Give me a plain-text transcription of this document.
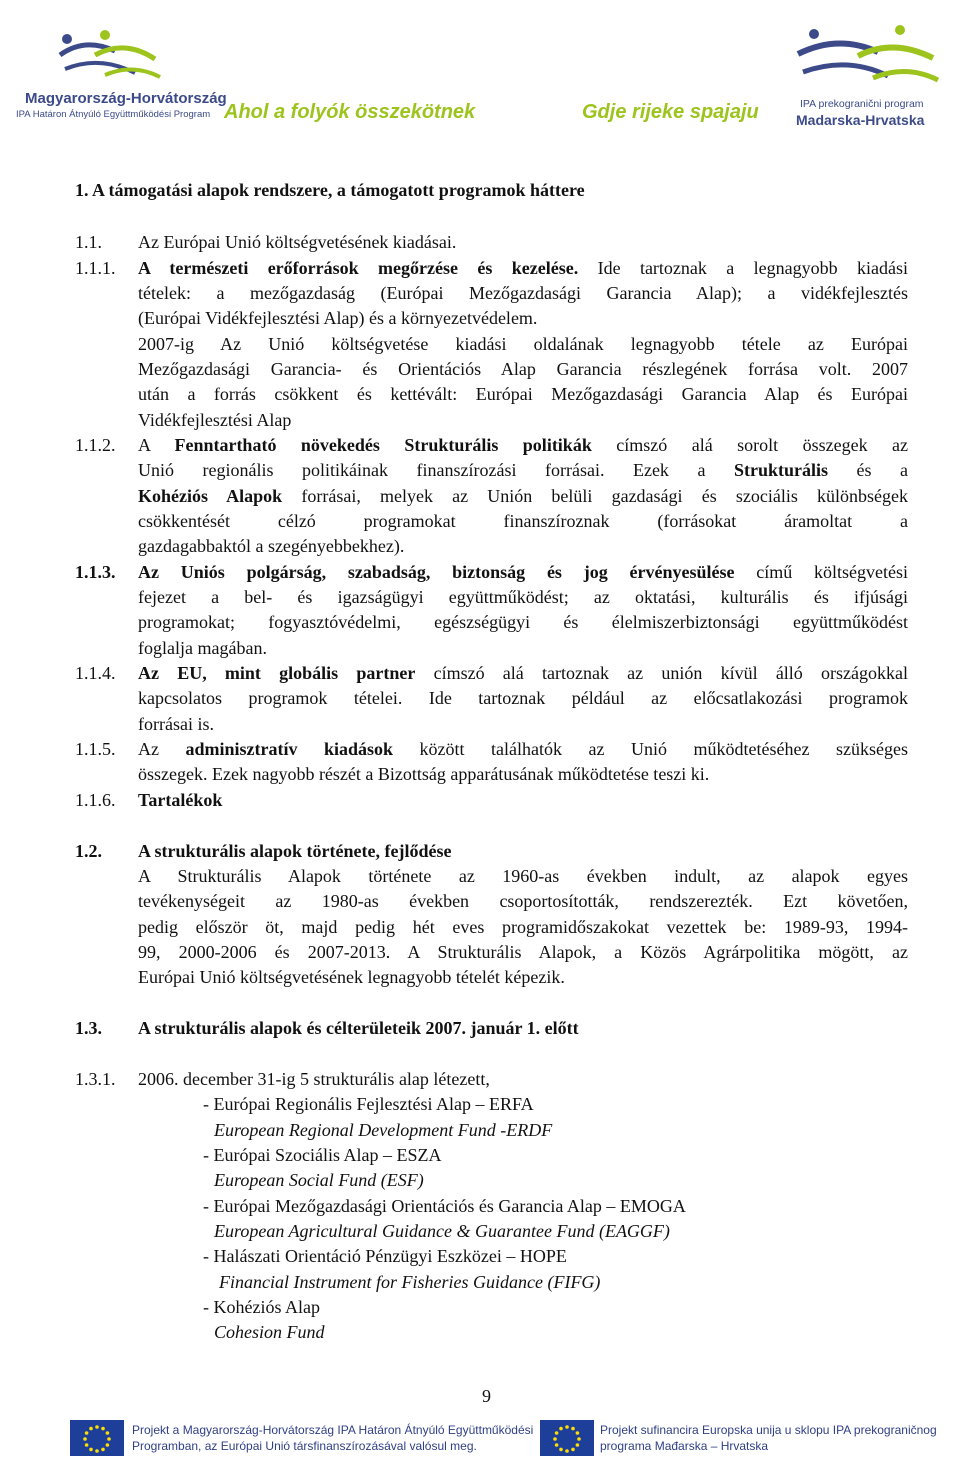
Magyarország-Horvátország
IPA Határon Átnyúló Együttműködési Program Ahol a folyók összekötnek	Gdje rijeke spajaju	IPA prekogranični program
Madarska-Hrvatska
1. A támogatási alapok rendszere, a támogatott programok háttere
1.1. Az Európai Unió költségvetésének kiadásai.
1.1.1. A természeti erőforrások megőrzése és kezelése. Ide tartoznak a legnagyobb kiadási
tételek: a mezőgazdaság (Európai Mezőgazdasági Garancia Alap); a vidékfejlesztés
(Európai Vidékfejlesztési Alap) és a környezetvédelem.
2007-ig Az Unió költségvetése kiadási oldalának legnagyobb tétele az Európai
Mezőgazdasági Garancia- és Orientációs Alap Garancia részlegének forrása volt. 2007
után a forrás csökkent és kettévált: Európai Mezőgazdasági Garancia Alap és Európai
Vidékfejlesztési Alap
1.1.2. A Fenntartható növekedés Strukturális politikák címszó alá sorolt összegek az
Unió regionális politikáinak finanszírozási forrásai. Ezek a Strukturális és a
Kohéziós Alapok forrásai, melyek az Unión belüli gazdasági és szociális különbségek
csökkentését célzó programokat finanszíroznak (forrásokat áramoltat a
gazdagabbaktól a szegényebbekhez).
1.1.3. Az Uniós polgárság, szabadság, biztonság és jog érvényesülése című költségvetési
fejezet a bel- és igazságügyi együttműködést; az oktatási, kulturális és ifjúsági
programokat; fogyasztóvédelmi, egészségügyi és élelmiszerbiztonsági együttműködést
foglalja magában.
1.1.4. Az EU, mint globális partner címszó alá tartoznak az unión kívül álló országokkal
kapcsolatos programok tételei. Ide tartoznak például az előcsatlakozási programok
forrásai is.
1.1.5. Az adminisztratív kiadások között találhatók az Unió működtetéséhez szükséges
összegek. Ezek nagyobb részét a Bizottság apparátusának működtetése teszi ki.
1.1.6. Tartalékok
1.2. A strukturális alapok története, fejlődése
A Strukturális Alapok története az 1960-as években indult, az alapok egyes
tevékenységeit az 1980-as években csoportosították, rendszerezték. Ezt követően,
pedig először öt, majd pedig hét eves programidőszakokat vezettek be: 1989-93, 1994-
99, 2000-2006 és 2007-2013. A Strukturális Alapok, a Közös Agrárpolitika mögött, az
Európai Unió költségvetésének legnagyobb tételét képezik.
1.3. A strukturális alapok és célterületeik 2007. január 1. előtt
1.3.1. 2006. december 31-ig 5 strukturális alap létezett,
- Európai Regionális Fejlesztési Alap – ERFA
European Regional Development Fund -ERDF
- Európai Szociális Alap – ESZA
European Social Fund (ESF)
- Európai Mezőgazdasági Orientációs és Garancia Alap – EMOGA
European Agricultural Guidance & Guarantee Fund (EAGGF)
- Halászati Orientáció Pénzügyi Eszközei – HOPE
Financial Instrument for Fisheries Guidance (FIFG)
- Kohéziós Alap
Cohesion Fund
9
Projekt a Magyarország-Horvátország IPA Határon Átnyúló Együttműködési
Programban, az Európai Unió társfinanszírozásával valósul meg.
Projekt sufinancira Europska unija u sklopu IPA prekograničnog
programa Mađarska – Hrvatska
